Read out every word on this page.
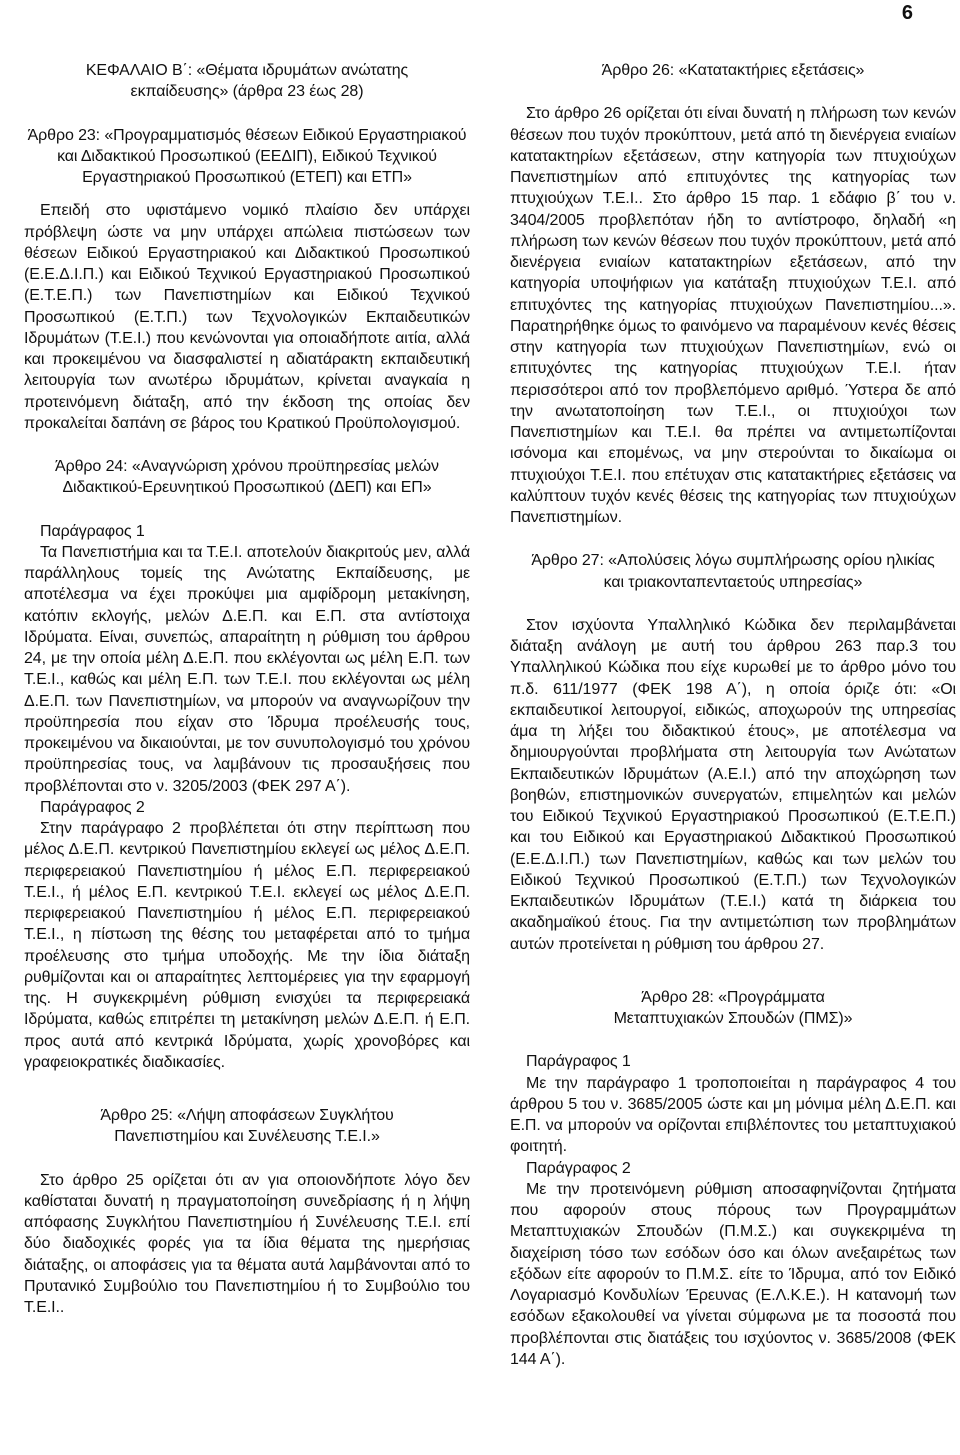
6

ΚΕΦΑΛΑΙΟ Β΄: «Θέματα ιδρυμάτων ανώτατης εκπαίδευσης» (άρθρα 23 έως 28)

Άρθρο 23: «Προγραμματισμός θέσεων Ειδικού Εργαστηριακού και Διδακτικού Προσωπικού (ΕΕΔΙΠ), Ειδικού Τεχνικού Εργαστηριακού Προσωπικού (ΕΤΕΠ) και ΕΤΠ»

Επειδή στο υφιστάμενο νομικό πλαίσιο δεν υπάρχει πρόβλεψη ώστε να μην υπάρχει απώλεια πιστώσεων των θέσεων Ειδικού Εργαστηριακού και Διδακτικού Προσωπικού (Ε.Ε.Δ.Ι.Π.) και Ειδικού Τεχνικού Εργαστηριακού Προσωπικού (Ε.Τ.Ε.Π.) των Πανεπιστημίων και Ειδικού Τεχνικού Προσωπικού (Ε.Τ.Π.) των Τεχνολογικών Εκπαιδευτικών Ιδρυμάτων (Τ.Ε.Ι.) που κενώνονται για οποιαδήποτε αιτία, αλλά και προκειμένου να διασφαλιστεί η αδιατάρακτη εκπαιδευτική λειτουργία των ανωτέρω ιδρυμάτων, κρίνεται αναγκαία η προτεινόμενη διάταξη, από την έκδοση της οποίας δεν προκαλείται δαπάνη σε βάρος του Κρατικού Προϋπολογισμού.

Άρθρο 24: «Αναγνώριση χρόνου προϋπηρεσίας μελών Διδακτικού-Ερευνητικού Προσωπικού (ΔΕΠ) και ΕΠ»

Παράγραφος 1

Τα Πανεπιστήμια και τα Τ.Ε.Ι. αποτελούν διακριτούς μεν, αλλά παράλληλους τομείς της Ανώτατης Εκπαίδευσης, με αποτέλεσμα να έχει προκύψει μια αμφίδρομη μετακίνηση, κατόπιν εκλογής, μελών Δ.Ε.Π. και Ε.Π. στα αντίστοιχα Ιδρύματα. Είναι, συνεπώς, απαραίτητη η ρύθμιση του άρθρου 24, με την οποία μέλη Δ.Ε.Π. που εκλέγονται ως μέλη Ε.Π. των Τ.Ε.Ι., καθώς και μέλη Ε.Π. των Τ.Ε.Ι. που εκλέγονται ως μέλη Δ.Ε.Π. των Πανεπιστημίων, να μπορούν να αναγνωρίζουν την προϋπηρεσία που είχαν στο Ίδρυμα προέλευσής τους, προκειμένου να δικαιούνται, με τον συνυπολογισμό του χρόνου προϋπηρεσίας τους, να λαμβάνουν τις προσαυξήσεις που προβλέπονται στο ν. 3205/2003 (ΦΕΚ 297 Α΄).

Παράγραφος 2

Στην παράγραφο 2 προβλέπεται ότι στην περίπτωση που μέλος Δ.Ε.Π. κεντρικού Πανεπιστημίου εκλεγεί ως μέλος Δ.Ε.Π. περιφερειακού Πανεπιστημίου ή μέλος Ε.Π. περιφερειακού Τ.Ε.Ι., ή μέλος Ε.Π. κεντρικού Τ.Ε.Ι. εκλεγεί ως μέλος Δ.Ε.Π. περιφερειακού Πανεπιστημίου ή μέλος Ε.Π. περιφερειακού Τ.Ε.Ι., η πίστωση της θέσης του μεταφέρεται από το τμήμα προέλευσης στο τμήμα υποδοχής. Με την ίδια διάταξη ρυθμίζονται και οι απαραίτητες λεπτομέρειες για την εφαρμογή της. Η συγκεκριμένη ρύθμιση ενισχύει τα περιφερειακά Ιδρύματα, καθώς επιτρέπει τη μετακίνηση μελών Δ.Ε.Π. ή Ε.Π. προς αυτά από κεντρικά Ιδρύματα, χωρίς χρονοβόρες και γραφειοκρατικές διαδικασίες.

Άρθρο 25: «Λήψη αποφάσεων Συγκλήτου Πανεπιστημίου και Συνέλευσης Τ.Ε.Ι.»

Στο άρθρο 25 ορίζεται ότι αν για οποιονδήποτε λόγο δεν καθίσταται δυνατή η πραγματοποίηση συνεδρίασης ή η λήψη απόφασης Συγκλήτου Πανεπιστημίου ή Συνέλευσης Τ.Ε.Ι. επί δύο διαδοχικές φορές για τα ίδια θέματα της ημερήσιας διάταξης, οι αποφάσεις για τα θέματα αυτά λαμβάνονται από το Πρυτανικό Συμβούλιο του Πανεπιστημίου ή το Συμβούλιο του Τ.Ε.Ι..

Άρθρο 26: «Κατατακτήριες εξετάσεις»

Στο άρθρο 26 ορίζεται ότι είναι δυνατή η πλήρωση των κενών θέσεων που τυχόν προκύπτουν, μετά από τη διενέργεια ενιαίων κατατακτηρίων εξετάσεων, στην κατηγορία των πτυχιούχων Πανεπιστημίων από επιτυχόντες της κατηγορίας των πτυχιούχων Τ.Ε.Ι.. Στο άρθρο 15 παρ. 1 εδάφιο β΄ του ν. 3404/2005 προβλεπόταν ήδη το αντίστροφο, δηλαδή «η πλήρωση των κενών θέσεων που τυχόν προκύπτουν, μετά από διενέργεια ενιαίων κατατακτηρίων εξετάσεων, από την κατηγορία υποψήφιων για κατάταξη πτυχιούχων Τ.Ε.Ι. από επιτυχόντες της κατηγορίας πτυχιούχων Πανεπιστημίου...». Παρατηρήθηκε όμως το φαινόμενο να παραμένουν κενές θέσεις στην κατηγορία των πτυχιούχων Πανεπιστημίων, ενώ οι επιτυχόντες της κατηγορίας πτυχιούχων Τ.Ε.Ι. ήταν περισσότεροι από τον προβλεπόμενο αριθμό. Ύστερα δε από την ανωτατοποίηση των Τ.Ε.Ι., οι πτυχιούχοι των Πανεπιστημίων και Τ.Ε.Ι. θα πρέπει να αντιμετωπίζονται ισόνομα και επομένως, να μην στερούνται το δικαίωμα οι πτυχιούχοι Τ.Ε.Ι. που επέτυχαν στις κατατακτήριες εξετάσεις να καλύπτουν τυχόν κενές θέσεις της κατηγορίας των πτυχιούχων Πανεπιστημίων.

Άρθρο 27: «Απολύσεις λόγω συμπλήρωσης ορίου ηλικίας και τριακονταπενταετούς υπηρεσίας»

Στον ισχύοντα Υπαλληλικό Κώδικα δεν περιλαμβάνεται διάταξη ανάλογη με αυτή του άρθρου 263 παρ.3 του Υπαλληλικού Κώδικα που είχε κυρωθεί με το άρθρο μόνο του π.δ. 611/1977 (ΦΕΚ 198 Α΄), η οποία όριζε ότι: «Οι εκπαιδευτικοί λειτουργοί, ειδικώς, αποχωρούν της υπηρεσίας άμα τη λήξει του διδακτικού έτους», με αποτέλεσμα να δημιουργούνται προβλήματα στη λειτουργία των Ανώτατων Εκπαιδευτικών Ιδρυμάτων (Α.Ε.Ι.) από την αποχώρηση των βοηθών, επιστημονικών συνεργατών, επιμελητών και μελών του Ειδικού Τεχνικού Εργαστηριακού Προσωπικού (Ε.Τ.Ε.Π.) και του Ειδικού και Εργαστηριακού Διδακτικού Προσωπικού (Ε.Ε.Δ.Ι.Π.) των Πανεπιστημίων, καθώς και των μελών του Ειδικού Τεχνικού Προσωπικού (Ε.Τ.Π.) των Τεχνολογικών Εκπαιδευτικών Ιδρυμάτων (Τ.Ε.Ι.) κατά τη διάρκεια του ακαδημαϊκού έτους. Για την αντιμετώπιση των προβλημάτων αυτών προτείνεται η ρύθμιση του άρθρου 27.

Άρθρο 28: «Προγράμματα Μεταπτυχιακών Σπουδών (ΠΜΣ)»

Παράγραφος 1

Με την παράγραφο 1 τροποποιείται η παράγραφος 4 του άρθρου 5 του ν. 3685/2005 ώστε και μη μόνιμα μέλη Δ.Ε.Π. και Ε.Π. να μπορούν να ορίζονται επιβλέποντες του μεταπτυχιακού φοιτητή.

Παράγραφος 2

Με την προτεινόμενη ρύθμιση αποσαφηνίζονται ζητήματα που αφορούν στους πόρους των Προγραμμάτων Μεταπτυχιακών Σπουδών (Π.Μ.Σ.) και συγκεκριμένα τη διαχείριση τόσο των εσόδων όσο και όλων ανεξαιρέτως των εξόδων είτε αφορούν το Π.Μ.Σ. είτε το Ίδρυμα, από τον Ειδικό Λογαριασμό Κονδυλίων Έρευνας (Ε.Λ.Κ.Ε.). Η κατανομή των εσόδων εξακολουθεί να γίνεται σύμφωνα με τα ποσοστά που προβλέπονται στις διατάξεις του ισχύοντος ν. 3685/2008 (ΦΕΚ 144 Α΄).
